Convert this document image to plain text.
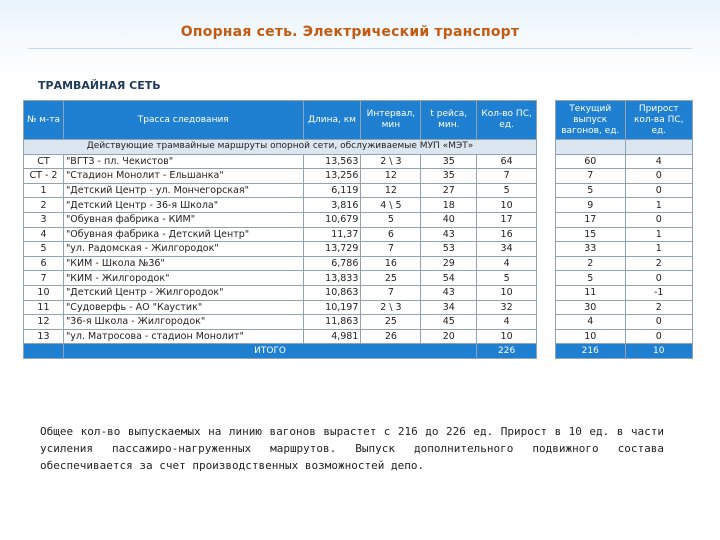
Опорная сеть. Электрический транспорт
ТРАМВАЙНАЯ СЕТЬ
№ м-та	Трасса следования	Длина, км	Интервал, мин	t рейса, мин.	Кол-во ПС, ед.
Действующие трамвайные маршруты опорной сети, обслуживаемые МУП «МЭТ»					
СТ	"ВГТЗ - пл. Чекистов"	13,563	2 \ 3	35	64
СТ - 2	"Стадион Монолит - Ельшанка"	13,256	12	35	7
1	"Детский Центр - ул. Мончегорская"	6,119	12	27	5
2	"Детский Центр - 36-я Школа"	3,816	4 \ 5	18	10
3	"Обувная фабрика - КИМ"	10,679	5	40	17
4	"Обувная фабрика - Детский Центр"	11,37	6	43	16
5	"ул. Радомская - Жилгородок"	13,729	7	53	34
6	"КИМ - Школа №36"	6,786	16	29	4
7	"КИМ - Жилгородок"	13,833	25	54	5
10	"Детский Центр - Жилгородок"	10,863	7	43	10
11	"Судоверфь - АО "Каустик"	10,197	2 \ 3	34	32
12	"36-я Школа - Жилгородок"	11,863	25	45	4
13	"ул. Матросова - стадион Монолит"	4,981	26	20	10
	ИТОГО				226
Текущий выпуск вагонов, ед.	Прирост кол-ва ПС, ед.

60	4
7	0
5	0
9	1
17	0
15	1
33	1
2	2
5	0
11	-1
30	2
4	0
10	0
216	10
Общее кол-во выпускаемых на линию вагонов вырастет с 216 до 226 ед. Прирост в 10 ед. в части усиления пассажиро-нагруженных маршрутов. Выпуск дополнительного подвижного состава обеспечивается за счет производственных возможностей депо.
